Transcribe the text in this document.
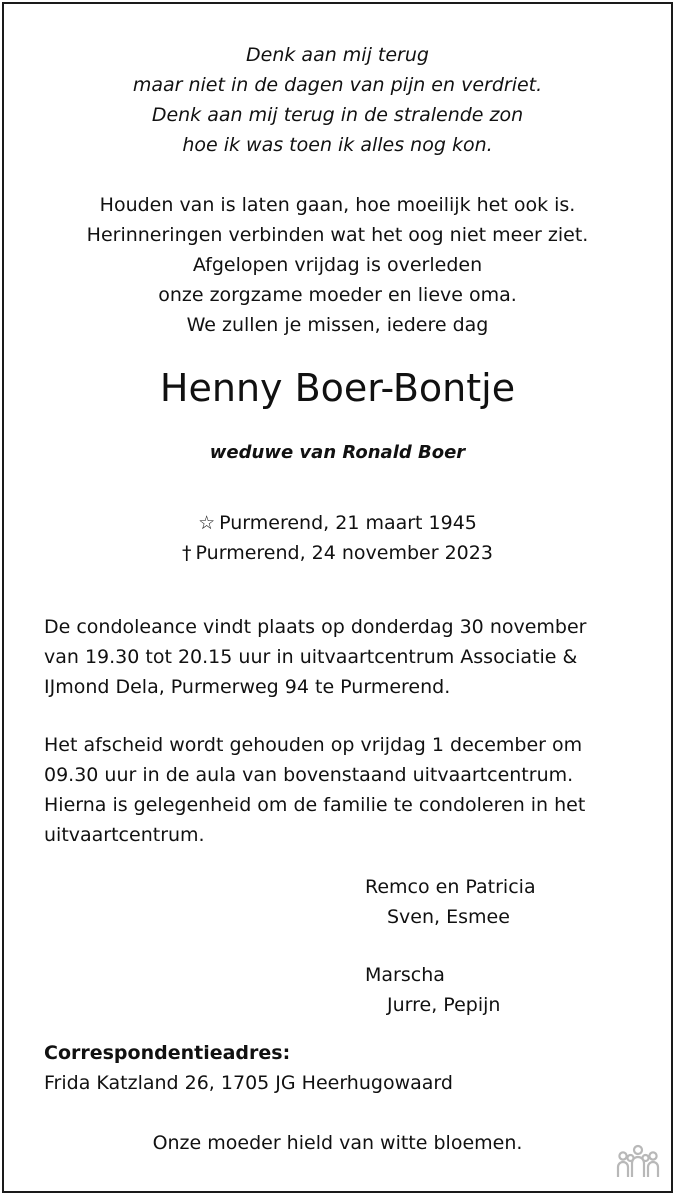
Denk aan mij terug
maar niet in de dagen van pijn en verdriet.
Denk aan mij terug in de stralende zon
hoe ik was toen ik alles nog kon.
Houden van is laten gaan, hoe moeilijk het ook is.
Herinneringen verbinden wat het oog niet meer ziet.
Afgelopen vrijdag is overleden
onze zorgzame moeder en lieve oma.
We zullen je missen, iedere dag
Henny Boer-Bontje
weduwe van Ronald Boer
☆ Purmerend, 21 maart 1945
† Purmerend, 24 november 2023
De condoleance vindt plaats op donderdag 30 november
van 19.30 tot 20.15 uur in uitvaartcentrum Associatie &
IJmond Dela, Purmerweg 94 te Purmerend.
Het afscheid wordt gehouden op vrijdag 1 december om
09.30 uur in de aula van bovenstaand uitvaartcentrum.
Hierna is gelegenheid om de familie te condoleren in het
uitvaartcentrum.
Remco en Patricia
Sven, Esmee
Marscha
Jurre, Pepijn
Correspondentieadres:
Frida Katzland 26, 1705 JG Heerhugowaard
Onze moeder hield van witte bloemen.
